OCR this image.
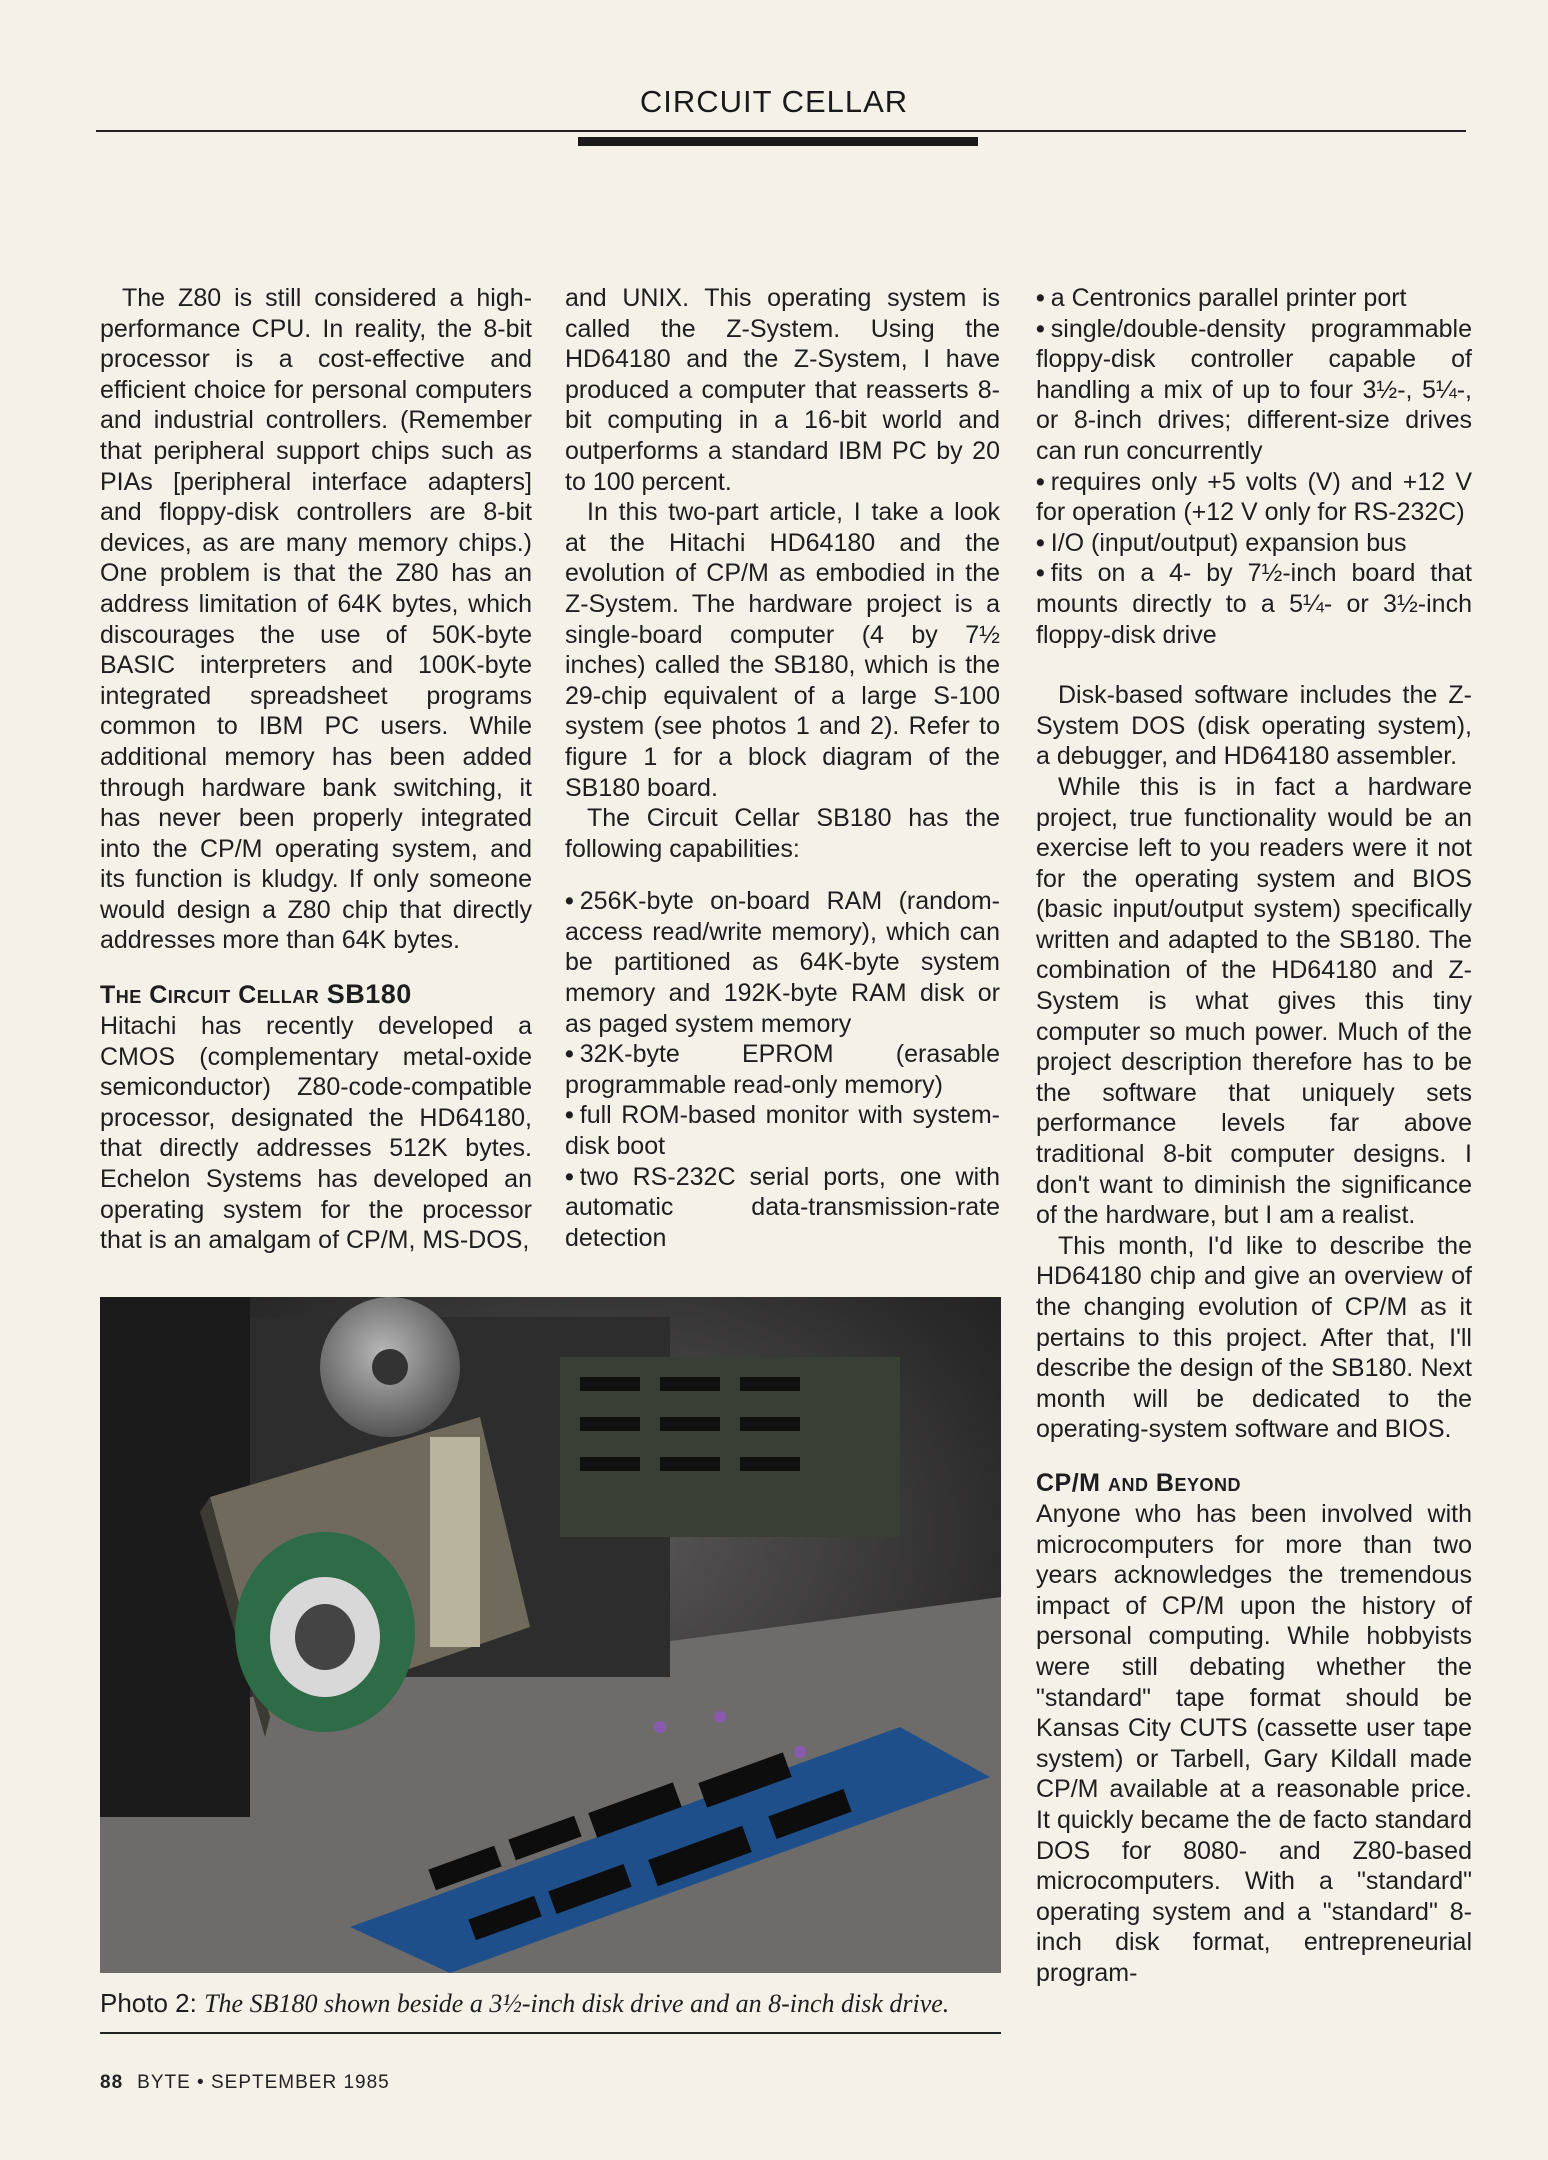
CIRCUIT CELLAR

The Z80 is still considered a high-performance CPU. In reality, the 8-bit processor is a cost-effective and efficient choice for personal computers and industrial controllers. (Remember that peripheral support chips such as PIAs [peripheral interface adapters] and floppy-disk controllers are 8-bit devices, as are many memory chips.) One problem is that the Z80 has an address limitation of 64K bytes, which discourages the use of 50K-byte BASIC interpreters and 100K-byte integrated spreadsheet programs common to IBM PC users. While additional memory has been added through hardware bank switching, it has never been properly integrated into the CP/M operating system, and its function is kludgy. If only someone would design a Z80 chip that directly addresses more than 64K bytes.

The Circuit Cellar SB180

Hitachi has recently developed a CMOS (complementary metal-oxide semiconductor) Z80-code-compatible processor, designated the HD64180, that directly addresses 512K bytes. Echelon Systems has developed an operating system for the processor that is an amalgam of CP/M, MS-DOS,

and UNIX. This operating system is called the Z-System. Using the HD64180 and the Z-System, I have produced a computer that reasserts 8-bit computing in a 16-bit world and outperforms a standard IBM PC by 20 to 100 percent.

In this two-part article, I take a look at the Hitachi HD64180 and the evolution of CP/M as embodied in the Z-System. The hardware project is a single-board computer (4 by 7½ inches) called the SB180, which is the 29-chip equivalent of a large S-100 system (see photos 1 and 2). Refer to figure 1 for a block diagram of the SB180 board.

The Circuit Cellar SB180 has the following capabilities:

• 256K-byte on-board RAM (random-access read/write memory), which can be partitioned as 64K-byte system memory and 192K-byte RAM disk or as paged system memory

• 32K-byte EPROM (erasable programmable read-only memory)

• full ROM-based monitor with system-disk boot

• two RS-232C serial ports, one with automatic data-transmission-rate detection

• a Centronics parallel printer port

• single/double-density programmable floppy-disk controller capable of handling a mix of up to four 3½-, 5¼-, or 8-inch drives; different-size drives can run concurrently

• requires only +5 volts (V) and +12 V for operation (+12 V only for RS-232C)

• I/O (input/output) expansion bus

• fits on a 4- by 7½-inch board that mounts directly to a 5¼- or 3½-inch floppy-disk drive

Disk-based software includes the Z-System DOS (disk operating system), a debugger, and HD64180 assembler.

While this is in fact a hardware project, true functionality would be an exercise left to you readers were it not for the operating system and BIOS (basic input/output system) specifically written and adapted to the SB180. The combination of the HD64180 and Z-System is what gives this tiny computer so much power. Much of the project description therefore has to be the software that uniquely sets performance levels far above traditional 8-bit computer designs. I don't want to diminish the significance of the hardware, but I am a realist.

This month, I'd like to describe the HD64180 chip and give an overview of the changing evolution of CP/M as it pertains to this project. After that, I'll describe the design of the SB180. Next month will be dedicated to the operating-system software and BIOS.

CP/M and Beyond

Anyone who has been involved with microcomputers for more than two years acknowledges the tremendous impact of CP/M upon the history of personal computing. While hobbyists were still debating whether the "standard" tape format should be Kansas City CUTS (cassette user tape system) or Tarbell, Gary Kildall made CP/M available at a reasonable price. It quickly became the de facto standard DOS for 8080- and Z80-based microcomputers. With a "standard" operating system and a "standard" 8-inch disk format, entrepreneurial program-

Photo 2: The SB180 shown beside a 3½-inch disk drive and an 8-inch disk drive.
88 BYTE • SEPTEMBER 1985
